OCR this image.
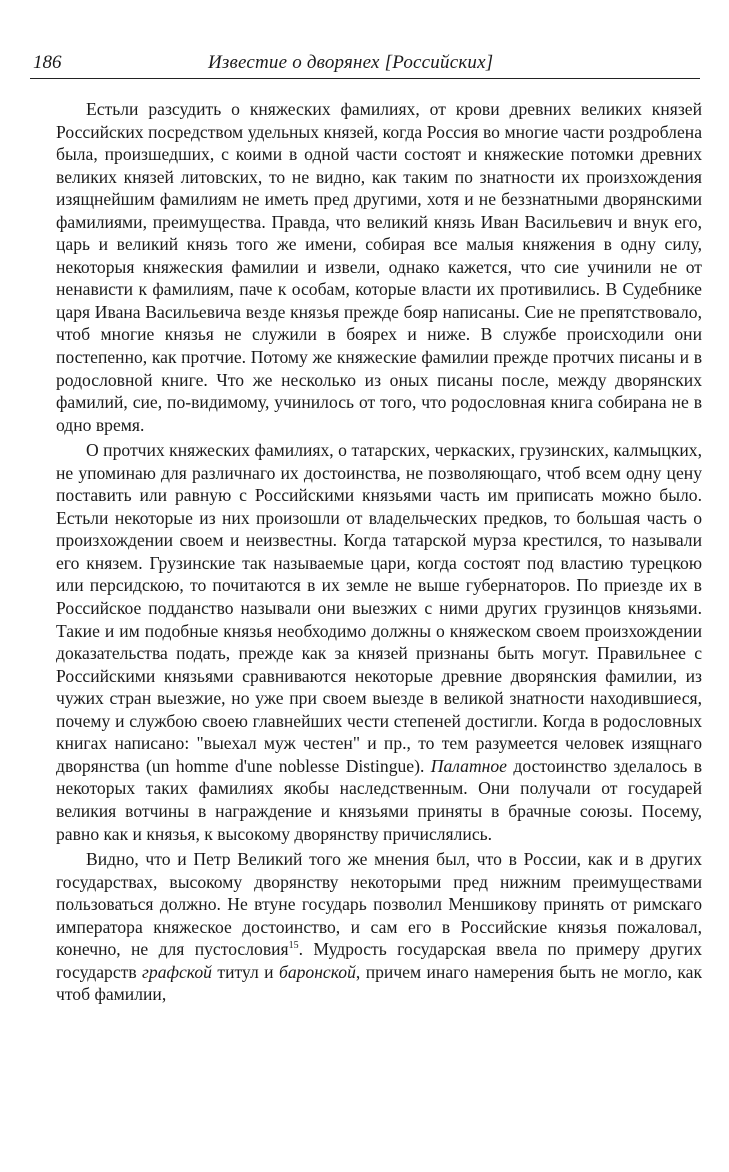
186	Известие о дворянех [Российских]

Естьли разсудить о княжеских фамилиях, от крови древних великих князей Российских посредством удельных князей, когда Россия во многие части роздроблена была, произшедших, с коими в одной части состоят и княжеские потомки древних великих князей литовских, то не видно, как таким по знатности их произхождения изящнейшим фамилиям не иметь пред другими, хотя и не беззнатными дворянскими фамилиями, преимущества. Правда, что великий князь Иван Васильевич и внук его, царь и великий князь того же имени, собирая все малыя княжения в одну силу, некоторыя княжеския фамилии и извели, однако кажется, что сие учинили не от ненависти к фамилиям, паче к особам, которые власти их противились. В Судебнике царя Ивана Васильевича везде князья прежде бояр написаны. Сие не препятствовало, чтоб многие князья не служили в боярех и ниже. В службе происходили они постепенно, как протчие. Потому же княжеские фамилии прежде протчих писаны и в родословной книге. Что же несколько из оных писаны после, между дворянских фамилий, сие, по-видимому, учинилось от того, что родословная книга собирана не в одно время.

О протчих княжеских фамилиях, о татарских, черкаских, грузинских, калмыцких, не упоминаю для различнаго их достоинства, не позволяющаго, чтоб всем одну цену поставить или равную с Российскими князьями часть им приписать можно было. Естьли некоторые из них произошли от владельческих предков, то большая часть о произхождении своем и неизвестны. Когда татарской мурза крестился, то называли его князем. Грузинские так называемые цари, когда состоят под властию турецкою или персидскою, то почитаются в их земле не выше губернаторов. По приезде их в Российское подданство называли они выезжих с ними других грузинцов князьями. Такие и им подобные князья необходимо должны о княжеском своем произхождении доказательства подать, прежде как за князей признаны быть могут. Правильнее с Российскими князьями сравниваются некоторые древние дворянския фамилии, из чужих стран выезжие, но уже при своем выезде в великой знатности находившиеся, почему и службою своею главнейших чести степеней достигли. Когда в родословных книгах написано: "выехал муж честен" и пр., то тем разумеется человек изящнаго дворянства (un homme d'une noblesse Distingue). Палатное достоинство зделалось в некоторых таких фамилиях якобы наследственным. Они получали от государей великия вотчины в награждение и князьями приняты в брачные союзы. Посему, равно как и князья, к высокому дворянству причислялись.

Видно, что и Петр Великий того же мнения был, что в России, как и в других государствах, высокому дворянству некоторыми пред нижним преимуществами пользоваться должно. Не втуне государь позволил Меншикову принять от римскаго императора княжеское достоинство, и сам его в Российские князья пожаловал, конечно, не для пустословия$^{15}$. Мудрость государская ввела по примеру других государств графской титул и баронской, причем инаго намерения быть не могло, как чтоб фамилии,
